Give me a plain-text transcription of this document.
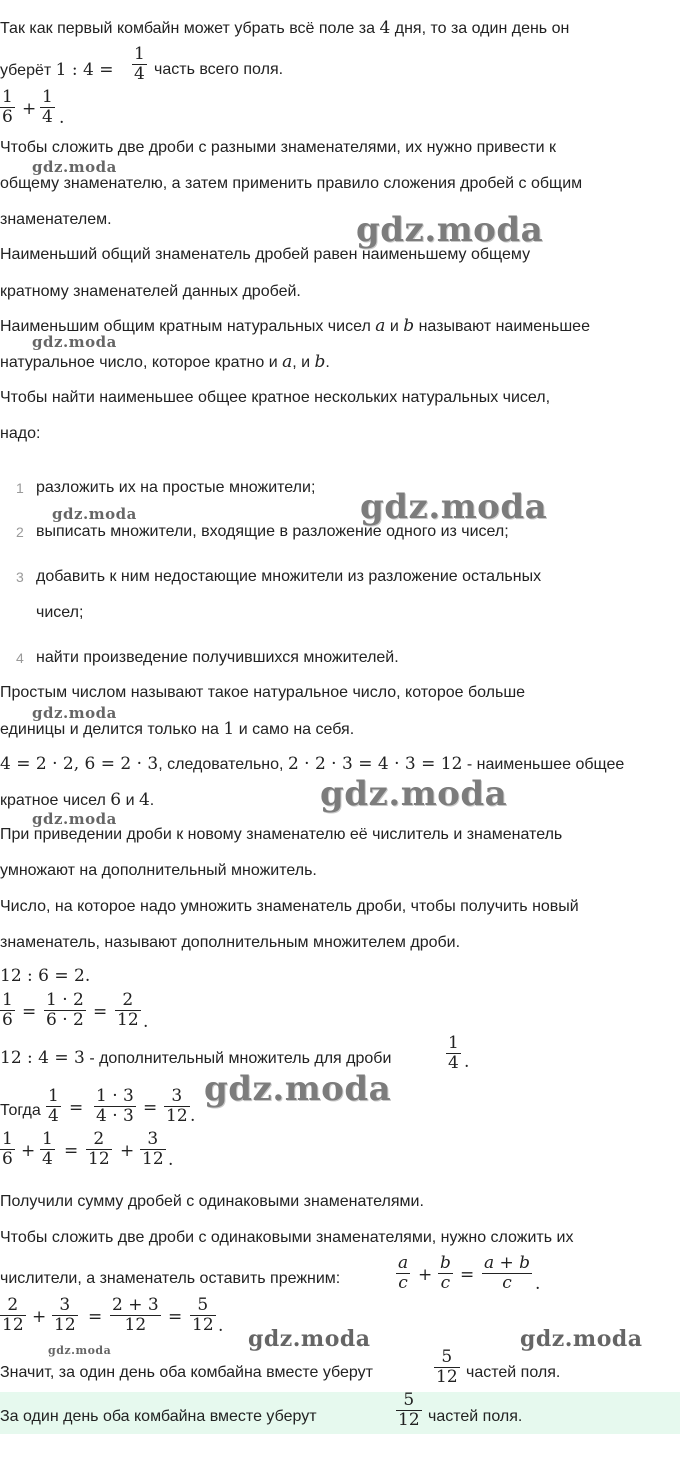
Так как первый комбайн может убрать всё поле за 4 дня, то за один день он
уберёт 1 : 4 =
1
4 часть всего поля.
1
6 +
1
4 .
Чтобы сложить две дроби с разными знаменателями, их нужно привести к
общему знаменателю, а затем применить правило сложения дробей с общим
знаменателем.
Наименьший общий знаменатель дробей равен наименьшему общему
кратному знаменателей данных дробей.
Наименьшим общим кратным натуральных чисел a и b называют наименьшее
натуральное число, которое кратно и a, и b.
Чтобы найти наименьшее общее кратное нескольких натуральных чисел,
надо:
1 разложить их на простые множители;
2 выписать множители, входящие в разложение одного из чисел;
3 добавить к ним недостающие множители из разложение остальных
чисел;
4 найти произведение получившихся множителей.
Простым числом называют такое натуральное число, которое больше
единицы и делится только на 1 и само на себя.
4 = 2 · 2, 6 = 2 · 3, следовательно, 2 · 2 · 3 = 4 · 3 = 12 - наименьшее общее
кратное чисел 6 и 4.
При приведении дроби к новому знаменателю её числитель и знаменатель
умножают на дополнительный множитель.
Число, на которое надо умножить знаменатель дроби, чтобы получить новый
знаменатель, называют дополнительным множителем дроби.
12 : 6 = 2.
1
6 =
1 · 2
6 · 2 =
2
12 .
12 : 4 = 3 - дополнительный множитель для дроби
1
4 .
Тогда
1
4 =
1 · 3
4 · 3 =
3
12 .
1
6 +
1
4 =
2
12 +
3
12 .
Получили сумму дробей с одинаковыми знаменателями.
Чтобы сложить две дроби с одинаковыми знаменателями, нужно сложить их
числители, а знаменатель оставить прежним:
a
c +
b
c =
a + b
c	.
2
12 +
3
12 =
2 + 3
12	=
5
12 .
Значит, за один день оба комбайна вместе уберут
5
12 частей поля.
За один день оба комбайна вместе уберут
5
12 частей поля.
gdz.moda
gdz.moda
gdz.moda
gdz.moda
gdz.moda
gdz.moda
gdz.moda
gdz.moda
gdz.moda
gdz.moda	gdz.moda
gdz.moda
